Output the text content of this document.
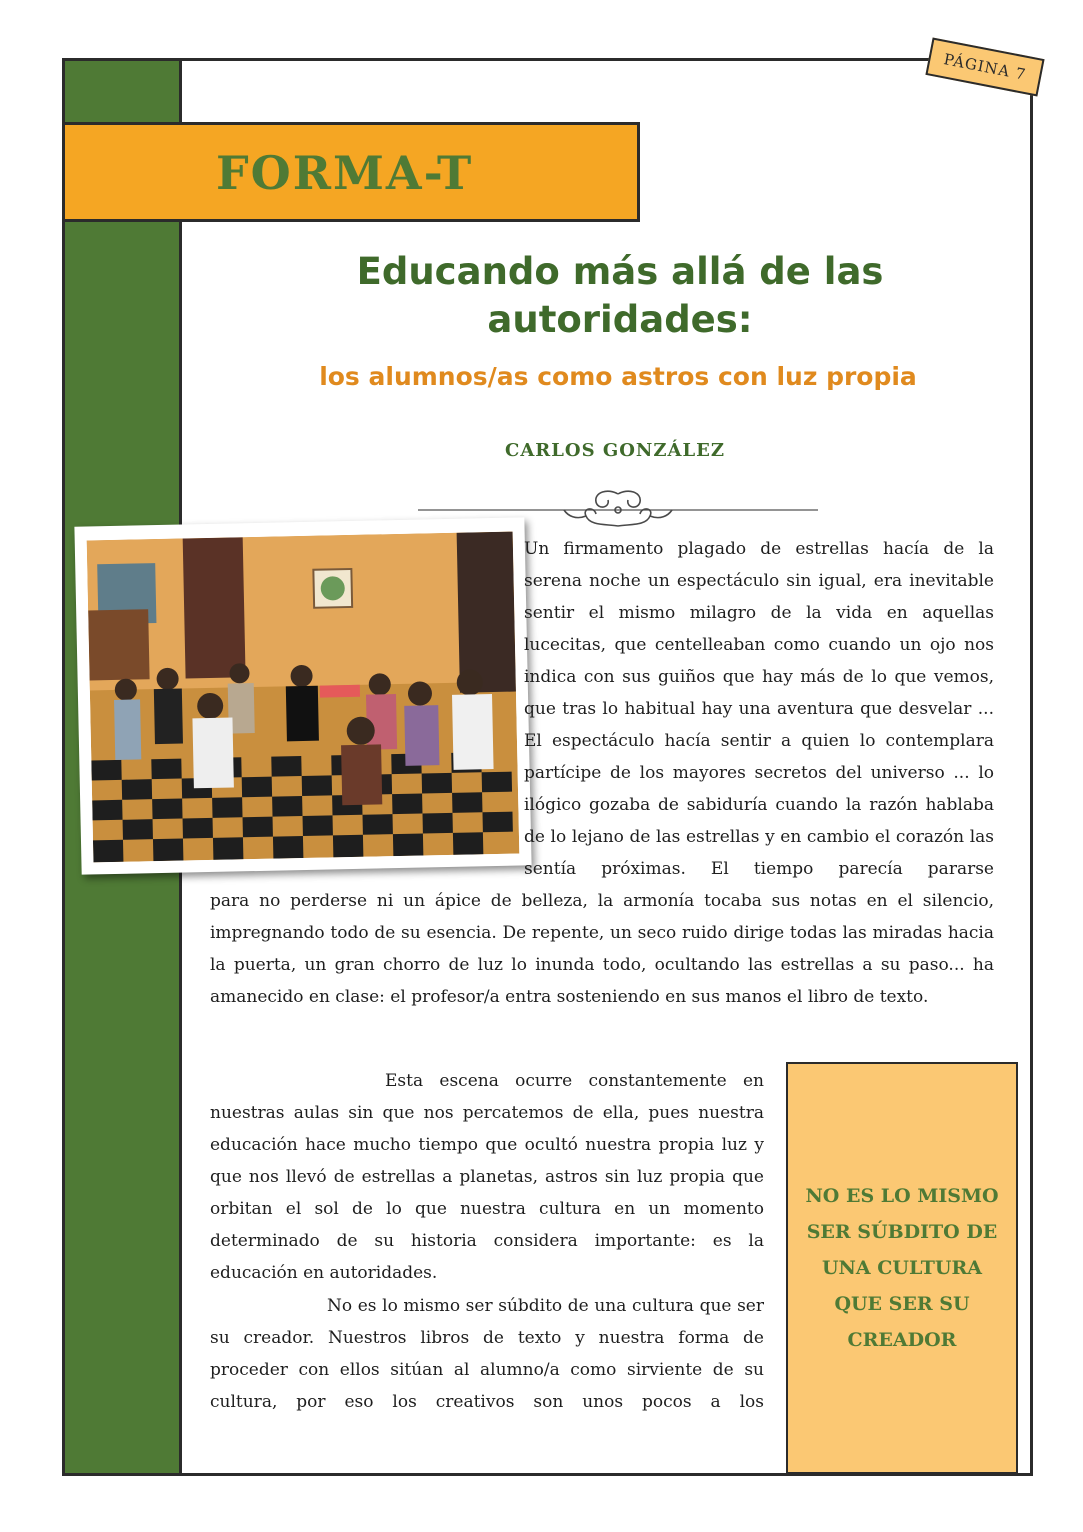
PÁGINA 7
FORMA-T
Educando más allá de las
autoridades:
los alumnos/as como astros con luz propia
CARLOS GONZÁLEZ

Un firmamento plagado de estrellas hacía de la serena noche un espectáculo sin igual, era inevitable sentir el mismo milagro de la vida en aquellas lucecitas, que centelleaban como cuando un ojo nos indica con sus guiños que hay más de lo que vemos, que tras lo habitual hay una aventura que desvelar ... El espectáculo hacía sentir a quien lo contemplara partícipe de los mayores secretos del universo ... lo ilógico gozaba de sabiduría cuando la razón hablaba de lo lejano de las estrellas y en cambio el corazón las sentía próximas. El tiempo parecía pararse

para no perderse ni un ápice de belleza, la armonía tocaba sus notas en el silencio, impregnando todo de su esencia. De repente, un seco ruido dirige todas las miradas hacia la puerta, un gran chorro de luz lo inunda todo, ocultando las estrellas a su paso... ha amanecido en clase: el profesor/a entra sosteniendo en sus manos el libro de texto.

Esta escena ocurre constantemente en nuestras aulas sin que nos percatemos de ella, pues nuestra educación hace mucho tiempo que ocultó nuestra propia luz y que nos llevó de estrellas a planetas, astros sin luz propia que orbitan el sol de lo que nuestra cultura en un momento determinado de su historia considera importante: es la educación en autoridades.

No es lo mismo ser súbdito de una cultura que ser su creador. Nuestros libros de texto y nuestra forma de proceder con ellos sitúan al alumno/a como sirviente de su cultura, por eso los creativos son unos pocos a los

NO ES LO MISMO SER SÚBDITO DE UNA CULTURA QUE SER SU CREADOR
